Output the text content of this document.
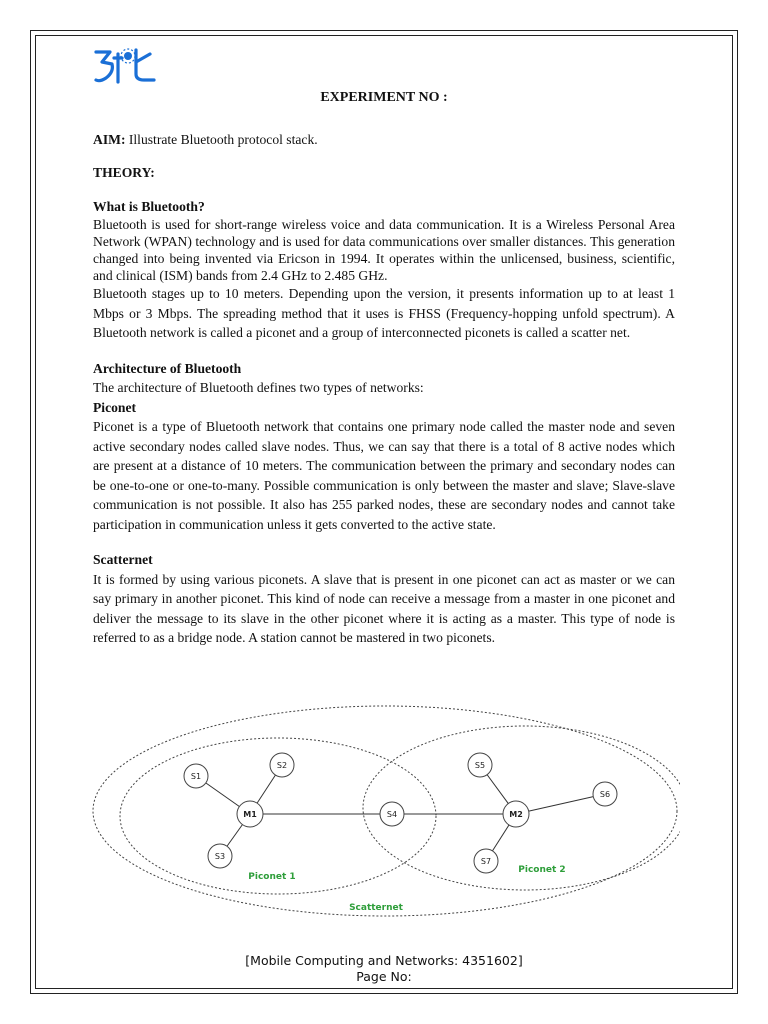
EXPERIMENT NO :

AIM: Illustrate Bluetooth protocol stack.

THEORY:

What is Bluetooth?

Bluetooth is used for short-range wireless voice and data communication. It is a Wireless Personal Area Network (WPAN) technology and is used for data communications over smaller distances. This generation changed into being invented via Ericson in 1994. It operates within the unlicensed, business, scientific, and clinical (ISM) bands from 2.4 GHz to 2.485 GHz.

Bluetooth stages up to 10 meters. Depending upon the version, it presents information up to at least 1 Mbps or 3 Mbps. The spreading method that it uses is FHSS (Frequency-hopping unfold spectrum). A Bluetooth network is called a piconet and a group of interconnected piconets is called a scatter net.

Architecture of Bluetooth

The architecture of Bluetooth defines two types of networks:

Piconet

Piconet is a type of Bluetooth network that contains one primary node called the master node and seven active secondary nodes called slave nodes. Thus, we can say that there is a total of 8 active nodes which are present at a distance of 10 meters. The communication between the primary and secondary nodes can be one-to-one or one-to-many. Possible communication is only between the master and slave; Slave-slave communication is not possible. It also has 255 parked nodes, these are secondary nodes and cannot take participation in communication unless it gets converted to the active state.

Scatternet

It is formed by using various piconets. A slave that is present in one piconet can act as master or we can say primary in another piconet. This kind of node can receive a message from a master in one piconet and deliver the message to its slave in the other piconet where it is acting as a master. This type of node is referred to as a bridge node. A station cannot be mastered in two piconets.

S1
S2
M1
S3
S4
S5
M2
S6
S7
Piconet 1
Piconet 2
Scatternet
[Mobile Computing and Networks: 4351602]
Page No:
